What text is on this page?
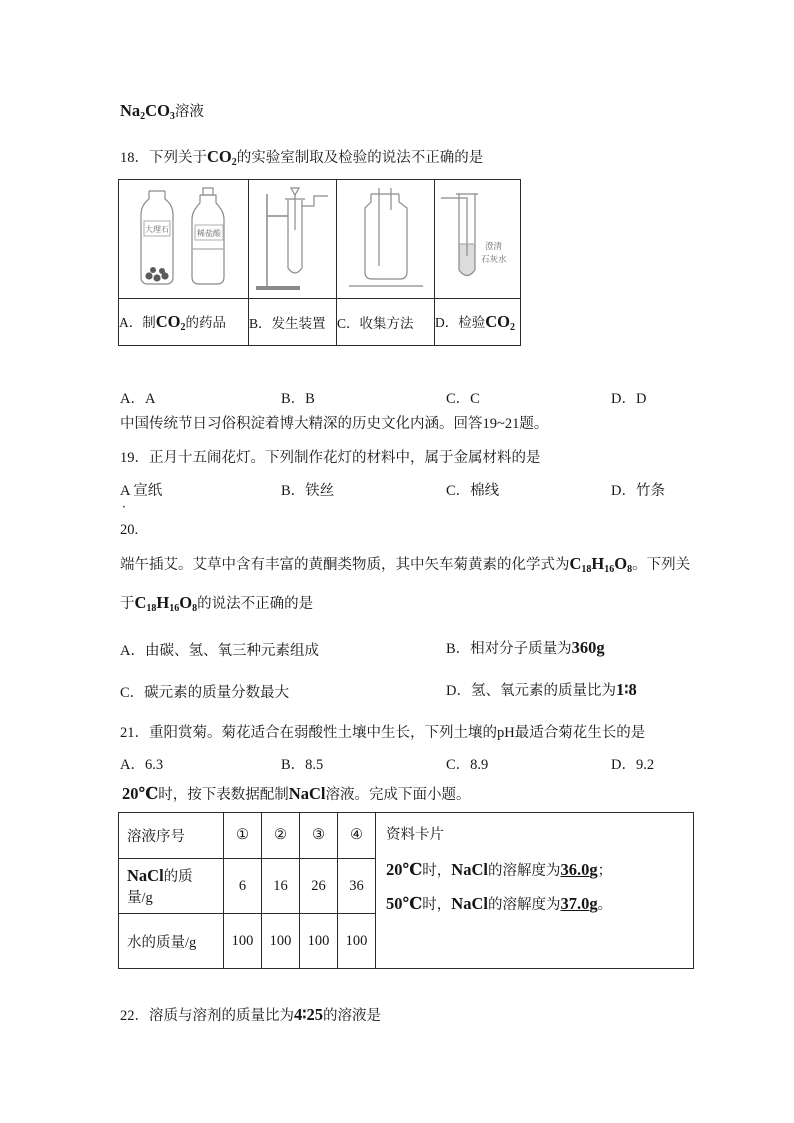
$Na_2CO_3$溶液
18．下列关于$CO_2$的实验室制取及检验的说法不正确的是
大理石 稀盐酸			澄清
石灰水

A．制$CO_2$的药品	B．发生装置	C．收集方法	D．检验$CO_2$
A．A	B．B	C．C	D．D
中国传统节日习俗积淀着博大精深的历史文化内涵。回答19~21题。
19．正月十五闹花灯。下列制作花灯的材料中，属于金属材料的是
A 宣纸	B．铁丝	C．棉线	D．竹条
．
20.
端午插艾。艾草中含有丰富的黄酮类物质，其中矢车菊黄素的化学式为$C_{18}H_{16}O_8$。下列关
于$C_{18}H_{16}O_8$的说法不正确的是
A．由碳、氢、氧三种元素组成	B．相对分子质量为360g
C．碳元素的质量分数最大	D．氢、氧元素的质量比为1∶8
21．重阳赏菊。菊花适合在弱酸性土壤中生长，下列土壤的pH最适合菊花生长的是
A．6.3	B．8.5	C．8.9	D．9.2
20℃时，按下表数据配制NaCl溶液。完成下面小题。
溶液序号	①	②	③	④	资料卡片
20℃时，NaCl的溶解度为36.0g；
50℃时，NaCl的溶解度为37.0g。

NaCl的质量/g	6	16	26	36	
水的质量/g	100	100	100	100	
22．溶质与溶剂的质量比为4∶25的溶液是
